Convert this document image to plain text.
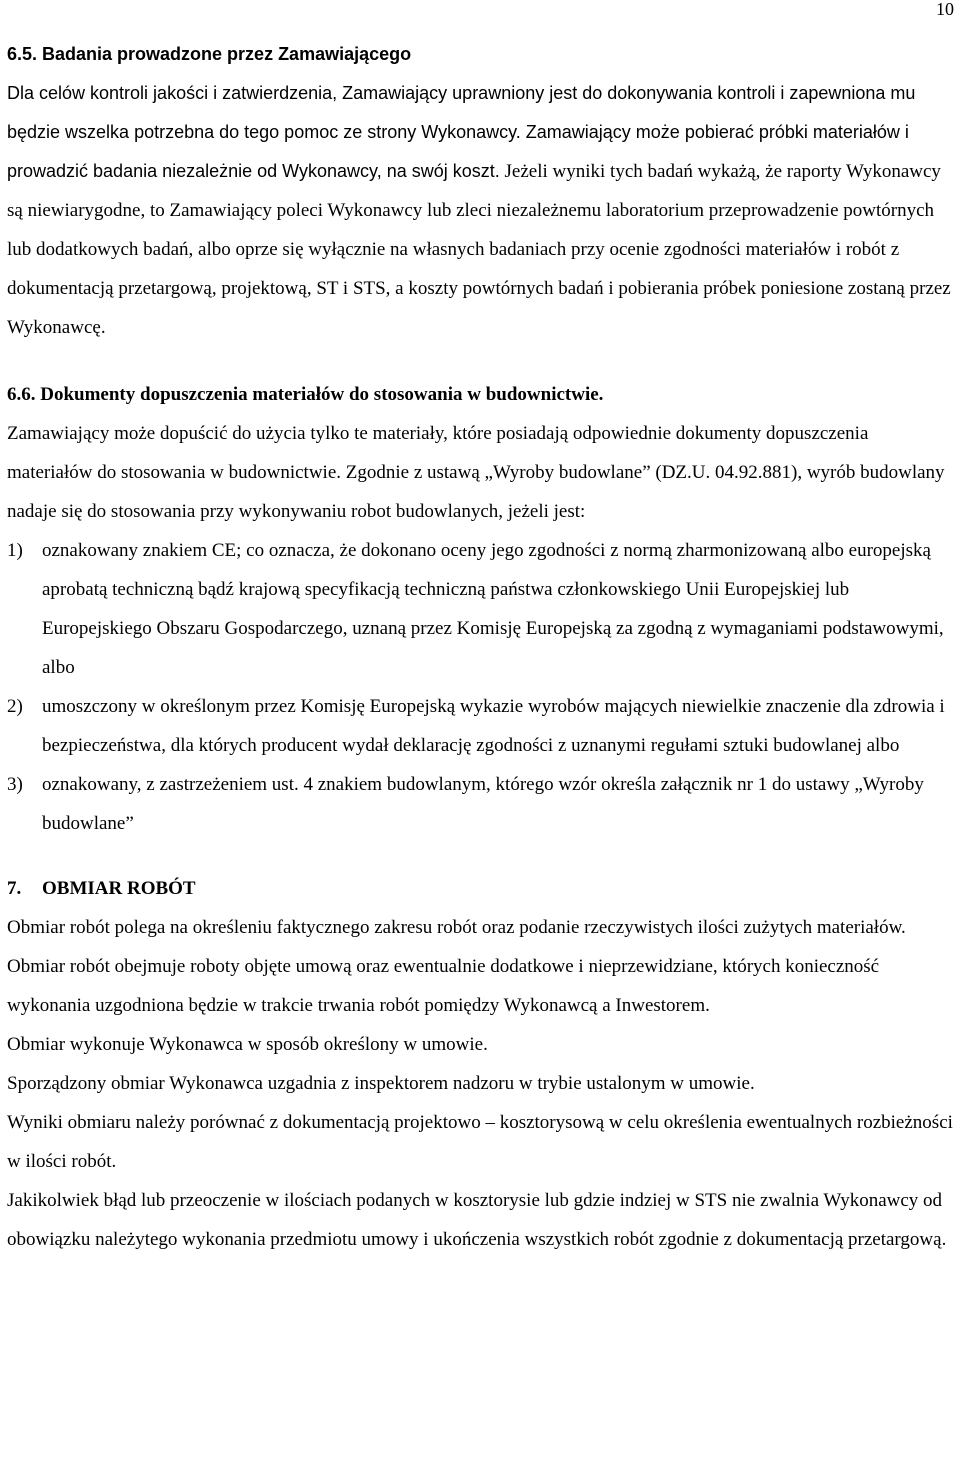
10

6.5. Badania prowadzone przez Zamawiającego

Dla celów kontroli jakości i zatwierdzenia, Zamawiający uprawniony jest do dokonywania kontroli i zapewniona mu będzie wszelka potrzebna do tego pomoc ze strony Wykonawcy. Zamawiający może pobierać próbki materiałów i prowadzić badania niezależnie od Wykonawcy, na swój koszt. Jeżeli wyniki tych badań wykażą, że raporty Wykonawcy są niewiarygodne, to Zamawiający poleci Wykonawcy lub zleci niezależnemu laboratorium przeprowadzenie powtórnych lub dodatkowych badań, albo oprze się wyłącznie na własnych badaniach przy ocenie zgodności materiałów i robót z dokumentacją przetargową, projektową, ST i STS, a koszty powtórnych badań i pobierania próbek poniesione zostaną przez Wykonawcę.

6.6. Dokumenty dopuszczenia materiałów do stosowania w budownictwie.

Zamawiający może dopuścić do użycia tylko te materiały, które posiadają odpowiednie dokumenty dopuszczenia materiałów do stosowania w budownictwie. Zgodnie z ustawą „Wyroby budowlane” (DZ.U. 04.92.881), wyrób budowlany nadaje się do stosowania przy wykonywaniu robot budowlanych, jeżeli jest:

1)	oznakowany znakiem CE; co oznacza, że dokonano oceny jego zgodności z normą zharmonizowaną albo europejską aprobatą techniczną bądź krajową specyfikacją techniczną państwa członkowskiego Unii Europejskiej lub Europejskiego Obszaru Gospodarczego, uznaną przez Komisję Europejską za zgodną z wymaganiami podstawowymi, albo
2)	umoszczony w określonym przez Komisję Europejską wykazie wyrobów mających niewielkie znaczenie dla zdrowia i bezpieczeństwa, dla których producent wydał deklarację zgodności z uznanymi regułami sztuki budowlanej albo
3)	oznakowany, z zastrzeżeniem ust. 4 znakiem budowlanym, którego wzór określa załącznik nr 1 do ustawy „Wyroby budowlane”

7. OBMIAR ROBÓT

Obmiar robót polega na określeniu faktycznego zakresu robót oraz podanie rzeczywistych ilości zużytych materiałów.

Obmiar robót obejmuje roboty objęte umową oraz ewentualnie dodatkowe i nieprzewidziane, których konieczność wykonania uzgodniona będzie w trakcie trwania robót pomiędzy Wykonawcą a Inwestorem.

Obmiar wykonuje Wykonawca w sposób określony w umowie.

Sporządzony obmiar Wykonawca uzgadnia z inspektorem nadzoru w trybie ustalonym w umowie.

Wyniki obmiaru należy porównać z dokumentacją projektowo – kosztorysową w celu określenia ewentualnych rozbieżności w ilości robót.

Jakikolwiek błąd lub przeoczenie w ilościach podanych w kosztorysie lub gdzie indziej w STS nie zwalnia Wykonawcy od obowiązku należytego wykonania przedmiotu umowy i ukończenia wszystkich robót zgodnie z dokumentacją przetargową.
